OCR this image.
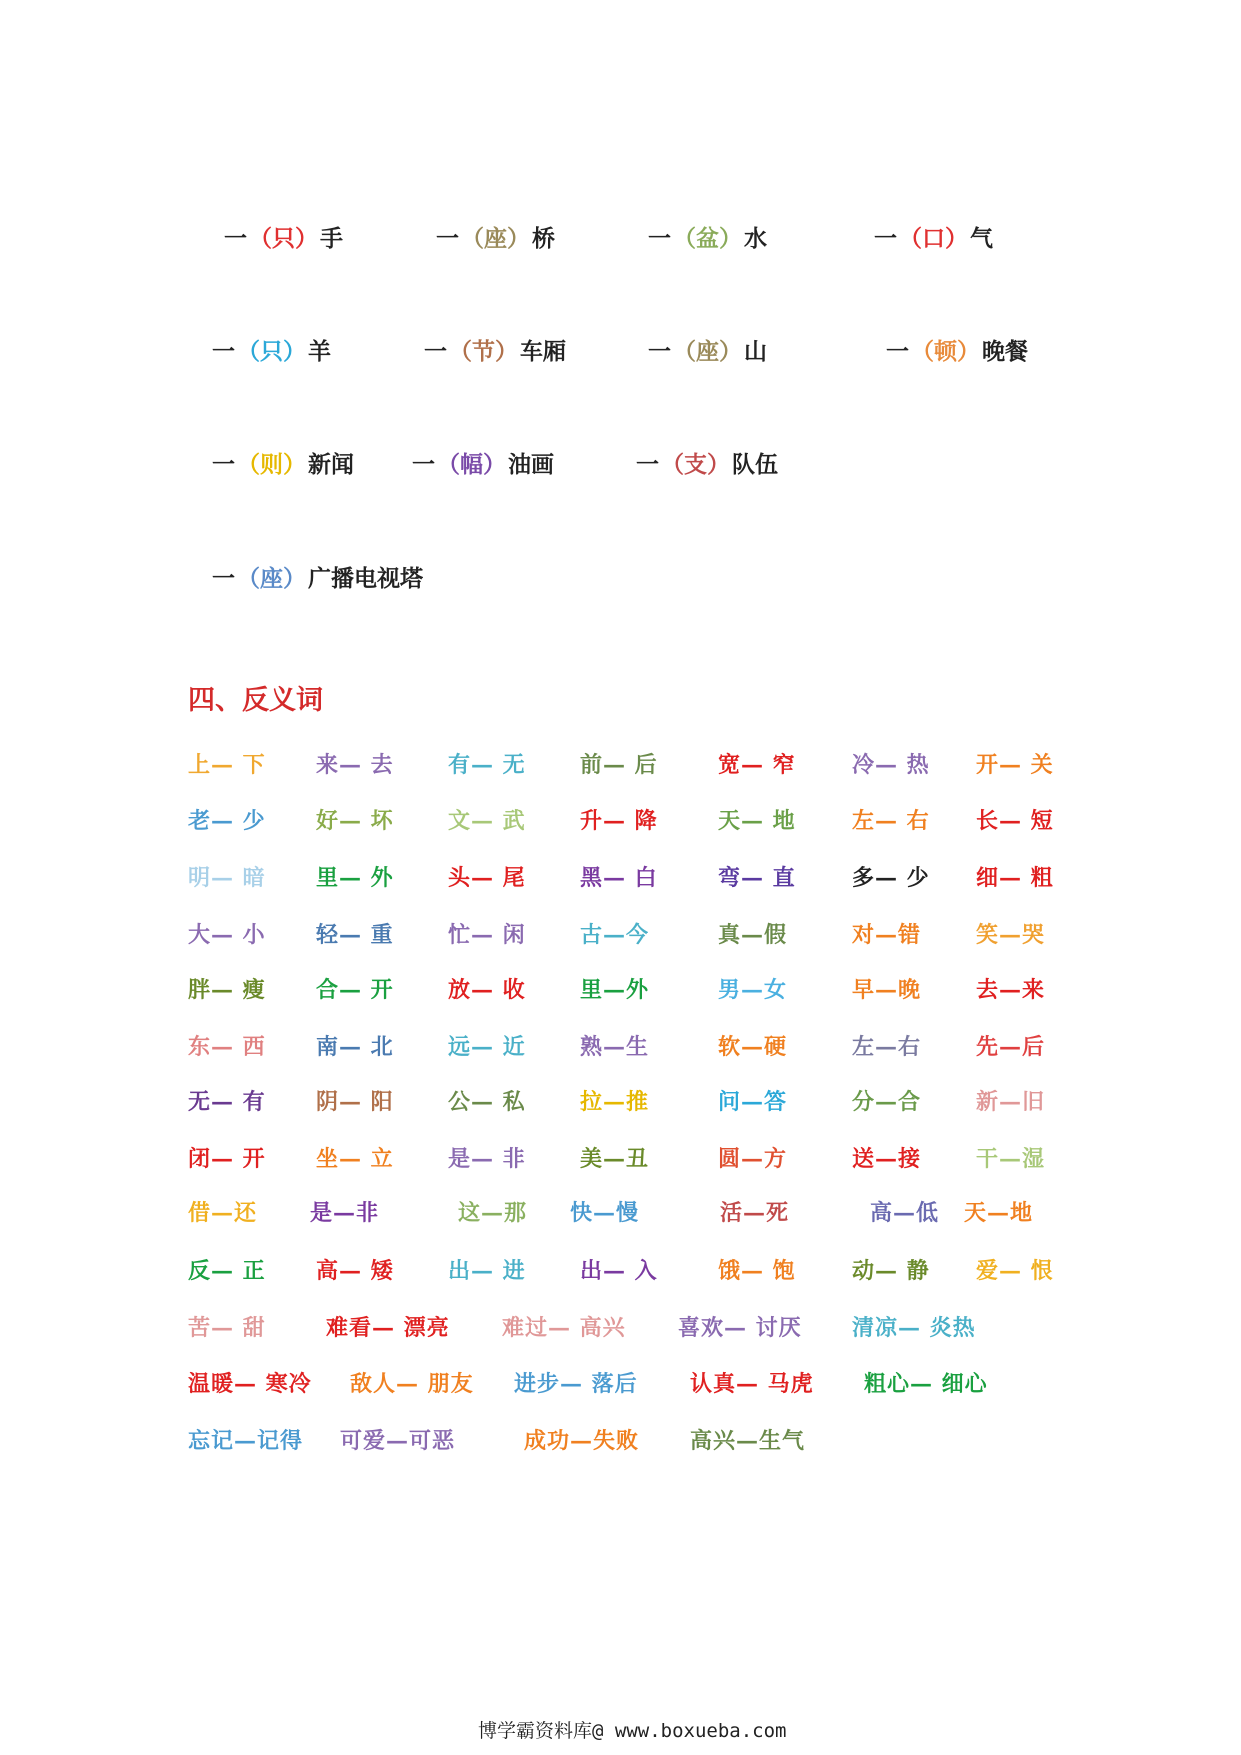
一（只）手	一（座）桥	一（盆）水	一（口）气
一（只）羊	一（节）车厢	一（座）山	一（顿）晚餐
一（则）新闻	一（幅）油画	一（支）队伍
一（座）广播电视塔
四、反义词
上— 下 来— 去 有— 无 前— 后	宽— 窄	冷— 热 开— 关
老— 少 好— 坏 文— 武 升— 降	天— 地	左— 右 长— 短
明— 暗 里— 外 头— 尾 黑— 白	弯— 直	多— 少 细— 粗
大— 小 轻— 重 忙— 闲 古—今	真—假	对—错 笑—哭
胖— 瘦 合— 开 放— 收 里—外	男—女	早—晚 去—来
东— 西 南— 北 远— 近 熟—生	软—硬	左—右 先—后
无— 有 阴— 阳 公— 私 拉—推	问—答	分—合 新—旧
闭— 开 坐— 立 是— 非 美—丑	圆—方	送—接 干—湿
借—还 是—非	这—那 快—慢	活—死	高—低 天—地
反— 正 高— 矮 出— 进 出— 入	饿— 饱	动— 静 爱— 恨
苦— 甜	难看— 漂亮 难过— 高兴 喜欢— 讨厌 清凉— 炎热
温暖— 寒冷 敌人— 朋友 进步— 落后 认真— 马虎 粗心— 细心
忘记—记得 可爱—可恶	成功—失败 高兴—生气
博学霸资料库@ www.boxueba.com
